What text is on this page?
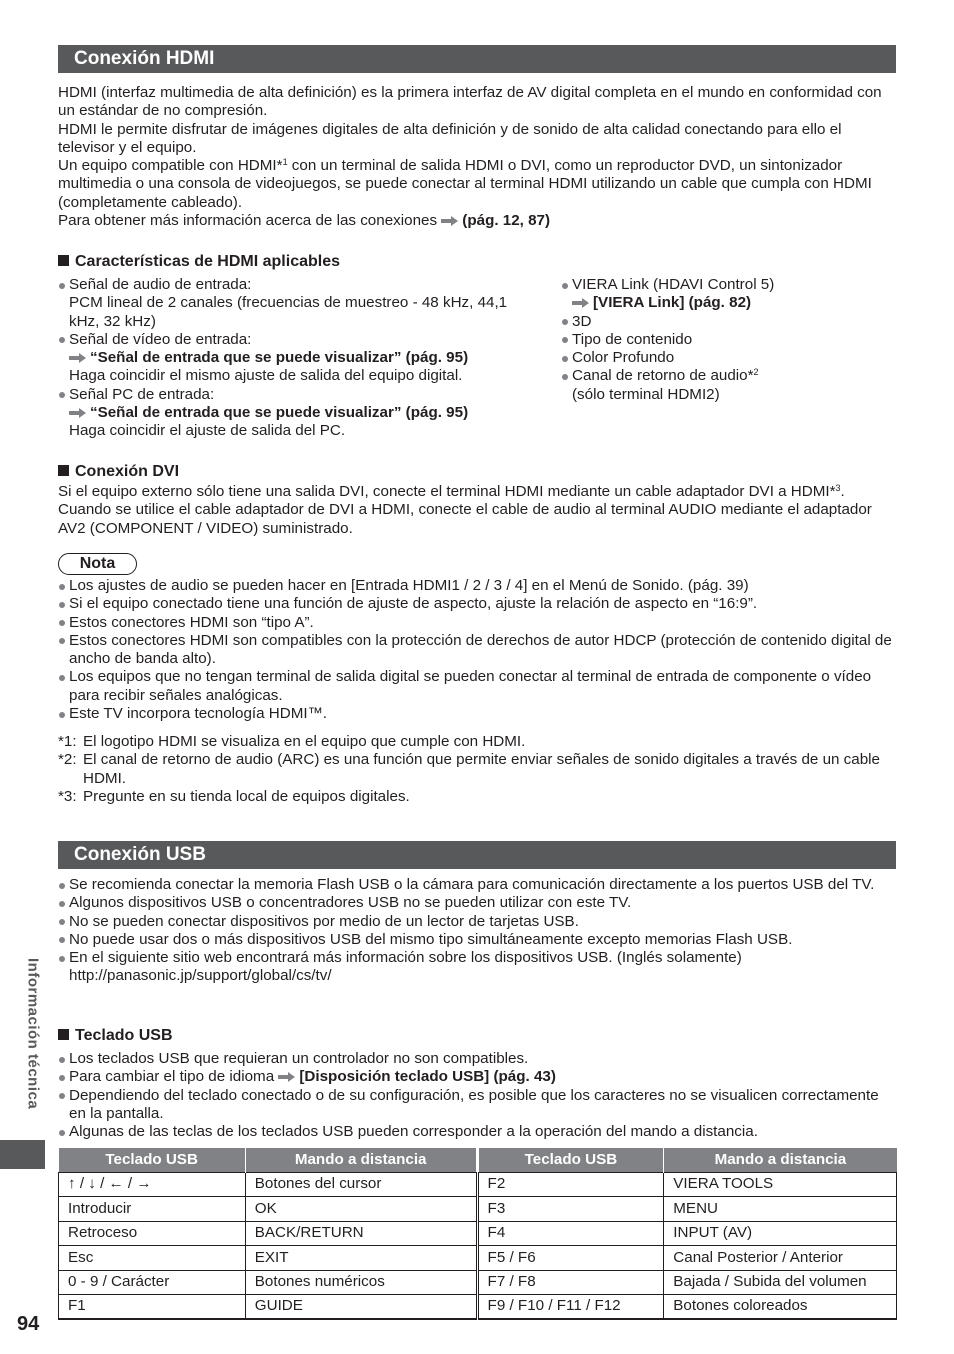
Conexión HDMI

HDMI (interfaz multimedia de alta definición) es la primera interfaz de AV digital completa en el mundo en conformidad con un estándar de no compresión.

HDMI le permite disfrutar de imágenes digitales de alta definición y de sonido de alta calidad conectando para ello el televisor y el equipo.

Un equipo compatible con HDMI*$^1$ con un terminal de salida HDMI o DVI, como un reproductor DVD, un sintonizador multimedia o una consola de videojuegos, se puede conectar al terminal HDMI utilizando un cable que cumpla con HDMI (completamente cableado).

Para obtener más información acerca de las conexiones (pág. 12, 87)

Características de HDMI aplicables
Señal de audio de entrada:
PCM lineal de 2 canales (frecuencias de muestreo - 48 kHz, 44,1 kHz, 32 kHz)
Señal de vídeo de entrada:
“Señal de entrada que se puede visualizar” (pág. 95)
Haga coincidir el mismo ajuste de salida del equipo digital.
Señal PC de entrada:
“Señal de entrada que se puede visualizar” (pág. 95)
Haga coincidir el ajuste de salida del PC.
VIERA Link (HDAVI Control 5)
[VIERA Link] (pág. 82)
3D
Tipo de contenido
Color Profundo
Canal de retorno de audio*$^2$
(sólo terminal HDMI2)
Conexión DVI
Si el equipo externo sólo tiene una salida DVI, conecte el terminal HDMI mediante un cable adaptador DVI a HDMI*$^3$. Cuando se utilice el cable adaptador de DVI a HDMI, conecte el cable de audio al terminal AUDIO mediante el adaptador AV2 (COMPONENT / VIDEO) suministrado.
Nota
Los ajustes de audio se pueden hacer en [Entrada HDMI1 / 2 / 3 / 4] en el Menú de Sonido. (pág. 39)
Si el equipo conectado tiene una función de ajuste de aspecto, ajuste la relación de aspecto en “16:9”.
Estos conectores HDMI son “tipo A”.
Estos conectores HDMI son compatibles con la protección de derechos de autor HDCP (protección de contenido digital de ancho de banda alto).
Los equipos que no tengan terminal de salida digital se pueden conectar al terminal de entrada de componente o vídeo para recibir señales analógicas.
Este TV incorpora tecnología HDMI™.
*1: El logotipo HDMI se visualiza en el equipo que cumple con HDMI.
*2: El canal de retorno de audio (ARC) es una función que permite enviar señales de sonido digitales a través de un cable HDMI.
*3: Pregunte en su tienda local de equipos digitales.
Conexión USB
Se recomienda conectar la memoria Flash USB o la cámara para comunicación directamente a los puertos USB del TV.
Algunos dispositivos USB o concentradores USB no se pueden utilizar con este TV.
No se pueden conectar dispositivos por medio de un lector de tarjetas USB.
No puede usar dos o más dispositivos USB del mismo tipo simultáneamente excepto memorias Flash USB.
En el siguiente sitio web encontrará más información sobre los dispositivos USB. (Inglés solamente)
http://panasonic.jp/support/global/cs/tv/
Teclado USB
Los teclados USB que requieran un controlador no son compatibles.
Para cambiar el tipo de idioma [Disposición teclado USB] (pág. 43)
Dependiendo del teclado conectado o de su configuración, es posible que los caracteres no se visualicen correctamente en la pantalla.
Algunas de las teclas de los teclados USB pueden corresponder a la operación del mando a distancia.
Teclado USB	Mando a distancia	Teclado USB	Mando a distancia
↑ / ↓ / ← / →	Botones del cursor	F2	VIERA TOOLS
Introducir	OK	F3	MENU
Retroceso	BACK/RETURN	F4	INPUT (AV)
Esc	EXIT	F5 / F6	Canal Posterior / Anterior
0 - 9 / Carácter	Botones numéricos	F7 / F8	Bajada / Subida del volumen
F1	GUIDE	F9 / F10 / F11 / F12	Botones coloreados
Información técnica
94
